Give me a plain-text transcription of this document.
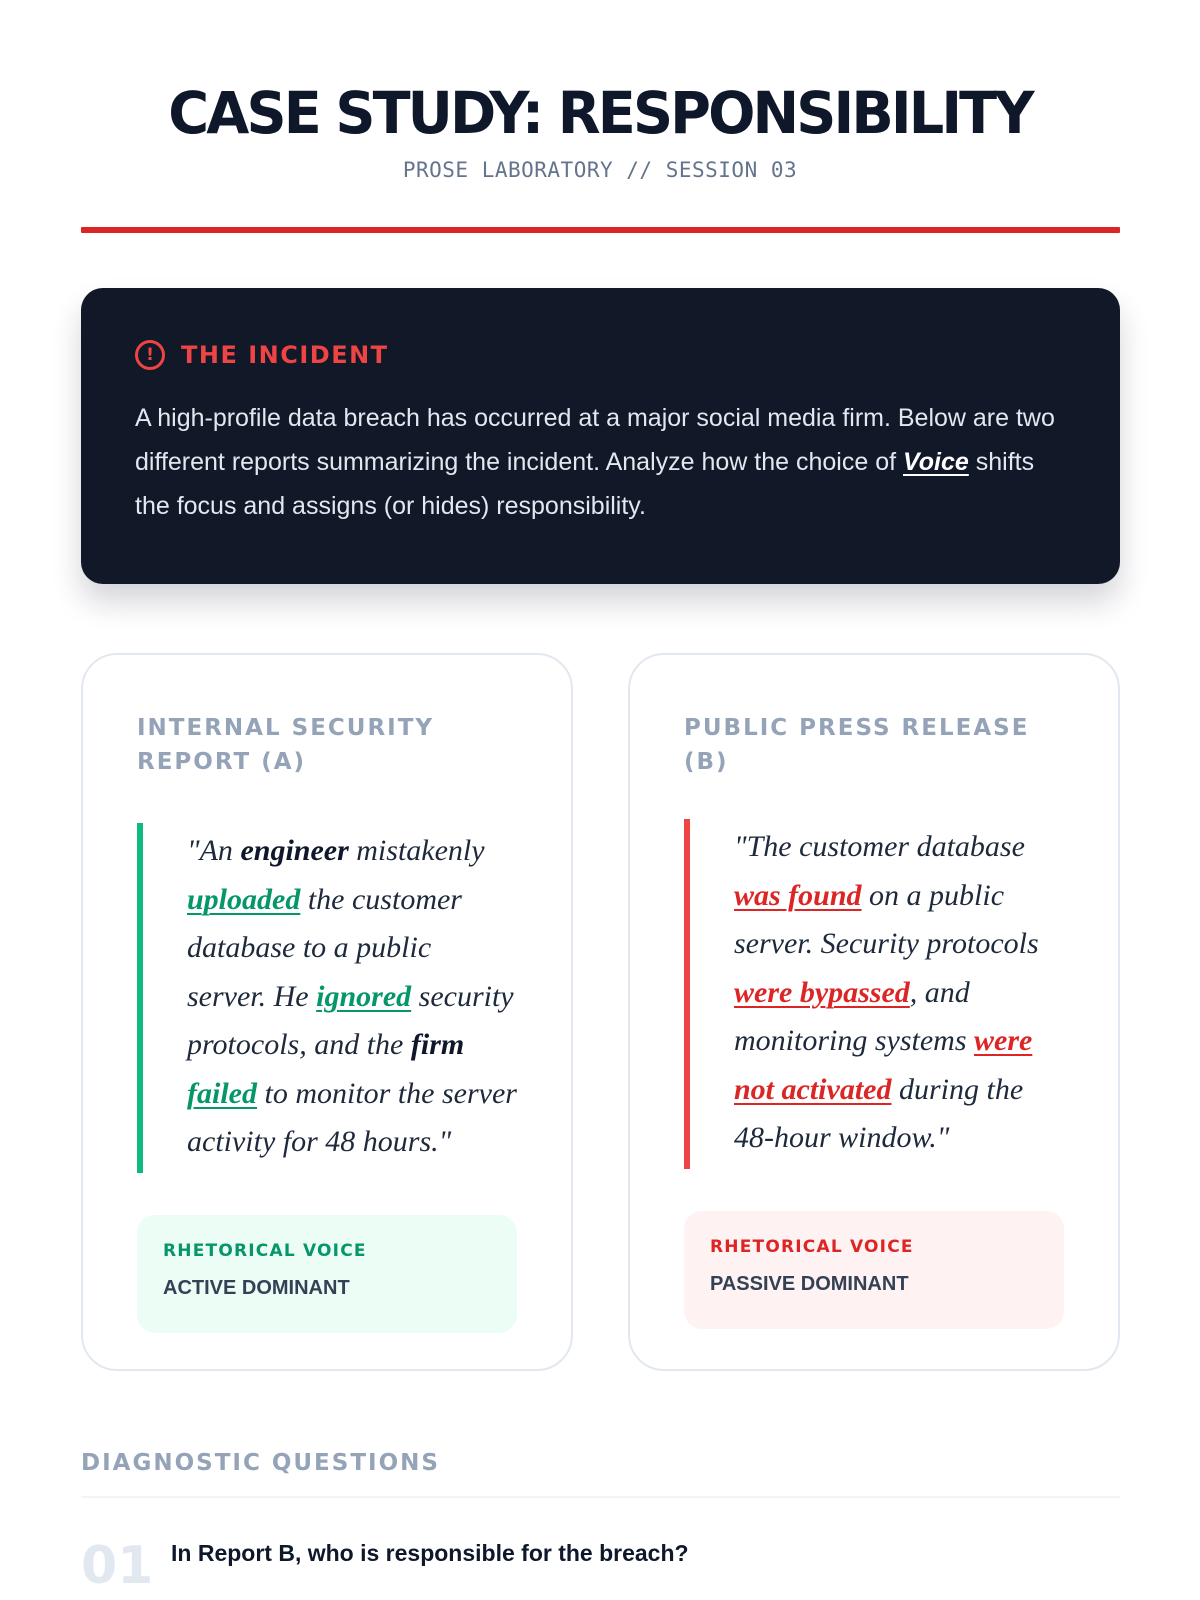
CASE STUDY: RESPONSIBILITY
PROSE LABORATORY // SESSION 03
!	THE INCIDENT

A high-profile data breach has occurred at a major social media firm. Below are two different reports summarizing the incident. Analyze how the choice of Voice shifts the focus and assigns (or hides) responsibility.

INTERNAL SECURITY REPORT (A)
"An engineer mistakenly uploaded the customer database to a public server. He ignored security protocols, and the firm failed to monitor the server activity for 48 hours."
RHETORICAL VOICE
ACTIVE DOMINANT
PUBLIC PRESS RELEASE (B)
"The customer database was found on a public server. Security protocols were bypassed, and monitoring systems were not activated during the 48-hour window."
RHETORICAL VOICE
PASSIVE DOMINANT
DIAGNOSTIC QUESTIONS
01 In Report B, who is responsible for the breach?
